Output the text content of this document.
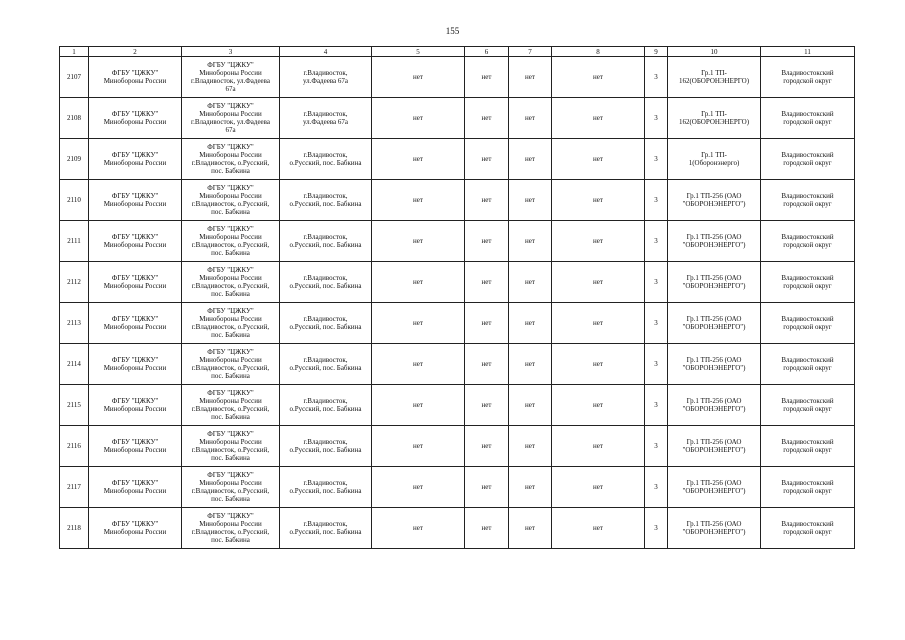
155
1	2	3	4	5	6	7	8	9	10	11
2107	ФГБУ "ЦЖКУ"
Минобороны России	ФГБУ "ЦЖКУ"
Минобороны России
г.Владивосток, ул.Фадеева
67а	г.Владивосток,
ул.Фадеева 67а	нет	нет	нет	нет	3	Гр.1 ТП-
162(ОБОРОНЭНЕРГО)	Владивостокский
городской округ

2108	ФГБУ "ЦЖКУ"
Минобороны России	ФГБУ "ЦЖКУ"
Минобороны России
г.Владивосток, ул.Фадеева
67а	г.Владивосток,
ул.Фадеева 67а	нет	нет	нет	нет	3	Гр.1 ТП-
162(ОБОРОНЭНЕРГО)	Владивостокский
городской округ

2109	ФГБУ "ЦЖКУ"
Минобороны России	ФГБУ "ЦЖКУ"
Минобороны России
г.Владивосток, о.Русский,
пос. Бабкина	г.Владивосток,
о.Русский, пос. Бабкина	нет	нет	нет	нет	3	Гр.1 ТП-
1(Оборонэнерго)	Владивостокский
городской округ

2110	ФГБУ "ЦЖКУ"
Минобороны России	ФГБУ "ЦЖКУ"
Минобороны России
г.Владивосток, о.Русский,
пос. Бабкина	г.Владивосток,
о.Русский, пос. Бабкина	нет	нет	нет	нет	3	Гр.1 ТП-256 (ОАО
"ОБОРОНЭНЕРГО")	Владивостокский
городской округ

2111	ФГБУ "ЦЖКУ"
Минобороны России	ФГБУ "ЦЖКУ"
Минобороны России
г.Владивосток, о.Русский,
пос. Бабкина	г.Владивосток,
о.Русский, пос. Бабкина	нет	нет	нет	нет	3	Гр.1 ТП-256 (ОАО
"ОБОРОНЭНЕРГО")	Владивостокский
городской округ

2112	ФГБУ "ЦЖКУ"
Минобороны России	ФГБУ "ЦЖКУ"
Минобороны России
г.Владивосток, о.Русский,
пос. Бабкина	г.Владивосток,
о.Русский, пос. Бабкина	нет	нет	нет	нет	3	Гр.1 ТП-256 (ОАО
"ОБОРОНЭНЕРГО")	Владивостокский
городской округ

2113	ФГБУ "ЦЖКУ"
Минобороны России	ФГБУ "ЦЖКУ"
Минобороны России
г.Владивосток, о.Русский,
пос. Бабкина	г.Владивосток,
о.Русский, пос. Бабкина	нет	нет	нет	нет	3	Гр.1 ТП-256 (ОАО
"ОБОРОНЭНЕРГО")	Владивостокский
городской округ

2114	ФГБУ "ЦЖКУ"
Минобороны России	ФГБУ "ЦЖКУ"
Минобороны России
г.Владивосток, о.Русский,
пос. Бабкина	г.Владивосток,
о.Русский, пос. Бабкина	нет	нет	нет	нет	3	Гр.1 ТП-256 (ОАО
"ОБОРОНЭНЕРГО")	Владивостокский
городской округ

2115	ФГБУ "ЦЖКУ"
Минобороны России	ФГБУ "ЦЖКУ"
Минобороны России
г.Владивосток, о.Русский,
пос. Бабкина	г.Владивосток,
о.Русский, пос. Бабкина	нет	нет	нет	нет	3	Гр.1 ТП-256 (ОАО
"ОБОРОНЭНЕРГО")	Владивостокский
городской округ

2116	ФГБУ "ЦЖКУ"
Минобороны России	ФГБУ "ЦЖКУ"
Минобороны России
г.Владивосток, о.Русский,
пос. Бабкина	г.Владивосток,
о.Русский, пос. Бабкина	нет	нет	нет	нет	3	Гр.1 ТП-256 (ОАО
"ОБОРОНЭНЕРГО")	Владивостокский
городской округ

2117	ФГБУ "ЦЖКУ"
Минобороны России	ФГБУ "ЦЖКУ"
Минобороны России
г.Владивосток, о.Русский,
пос. Бабкина	г.Владивосток,
о.Русский, пос. Бабкина	нет	нет	нет	нет	3	Гр.1 ТП-256 (ОАО
"ОБОРОНЭНЕРГО")	Владивостокский
городской округ

2118	ФГБУ "ЦЖКУ"
Минобороны России	ФГБУ "ЦЖКУ"
Минобороны России
г.Владивосток, о.Русский,
пос. Бабкина	г.Владивосток,
о.Русский, пос. Бабкина	нет	нет	нет	нет	3	Гр.1 ТП-256 (ОАО
"ОБОРОНЭНЕРГО")	Владивостокский
городской округ
